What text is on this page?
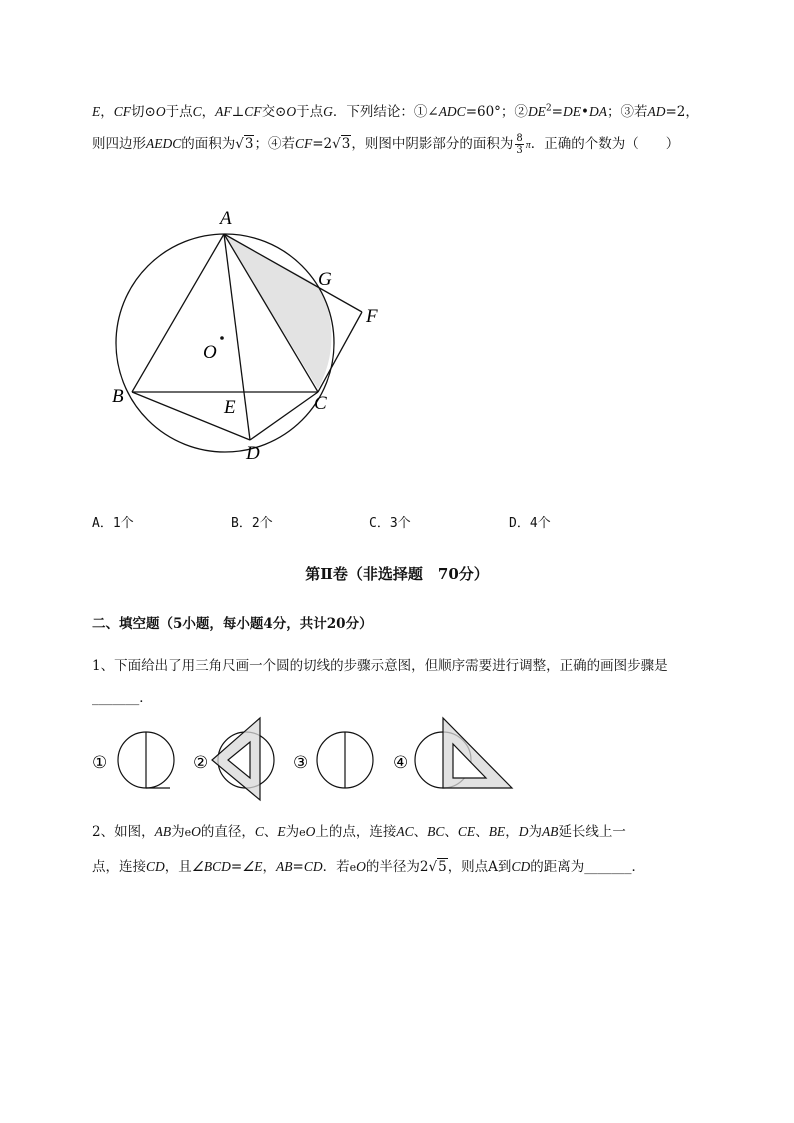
E，CF切⊙O于点C，AF⊥CF交⊙O于点G．下列结论：①∠ADC=60°；$②DE^2=DE•DA$；③若AD=2，
则四边形AEDC的面积为√3；④若CF=2√3，则图中阴影部分的面积为 $\frac{8}{3}$ π．正确的个数为（　　）
A
B	C
D
E
F
G
O
A．1个	B．2个	C．3个	D．4个
第Ⅱ卷（非选择题　70分）
二、填空题（5小题，每小题4分，共计20分）
1、下面给出了用三角尺画一个圆的切线的步骤示意图，但顺序需要进行调整，正确的画图步骤是
_______．
①	②	③	④
2、如图，AB为eO的直径，C、E为eO上的点，连接AC、BC、CE、BE，D为AB延长线上一
点，连接CD，且∠BCD=∠E，AB=CD．若eO的半径为2√5，则点A到CD的距离为_______．
